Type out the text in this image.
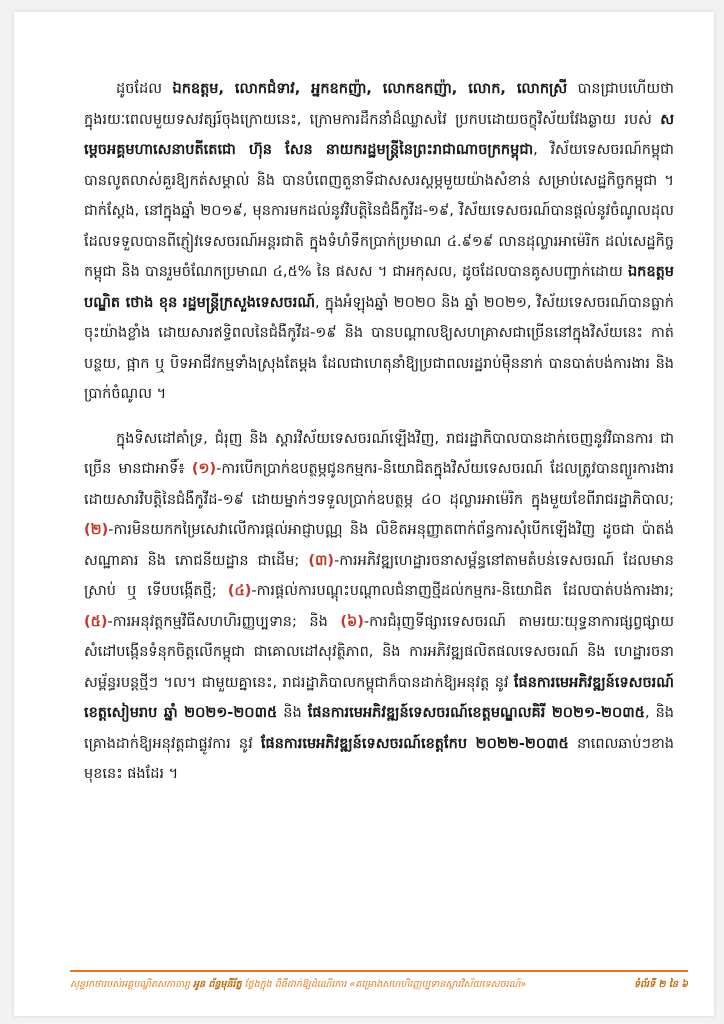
ដូចដែល ឯកឧត្តម, លោកជំទាវ, អ្នកឧកញ៉ា, លោកឧកញ៉ា, លោក, លោកស្រី បានជ្រាបហើយថា ក្នុងរយៈពេលមួយទសវត្សរ៍ចុងក្រោយនេះ, ក្រោមការដឹកនាំដ៏ឈ្លាសវៃ ប្រកបដោយចក្ខុវិស័យវែងឆ្ងាយ របស់ សម្តេចអគ្គមហាសេនាបតីតេជោ ហ៊ុន សែន នាយករដ្ឋមន្ត្រីនៃព្រះរាជាណាចក្រកម្ពុជា, វិស័យទេសចរណ៍កម្ពុជាបានលូតលាស់គួរឱ្យកត់សម្គាល់ និង បានបំពេញតួនាទីជាសសរស្តម្ភមួយយ៉ាងសំខាន់ សម្រាប់សេដ្ឋកិច្ចកម្ពុជា ។ ជាក់ស្តែង, នៅក្នុងឆ្នាំ ២០១៩, មុនការមកដល់នូវវិបត្តិនៃជំងឺកូវីដ-១៩, វិស័យទេសចរណ៍បានផ្តល់នូវចំណូលដុលដែលទទួលបានពីភ្ញៀវទេសចរណ៍អន្តរជាតិ ក្នុងទំហំទឹកប្រាក់ប្រមាណ ៤.៩១៩ លានដុល្លារអាម៉េរិក ដល់សេដ្ឋកិច្ចកម្ពុជា និង បានរួមចំណែកប្រមាណ ៤,៥% នៃ ផសស ។ ជាអកុសល, ដូចដែលបានគូសបញ្ជាក់ដោយ ឯកឧត្តមបណ្ឌិត ថោង ខុន រដ្ឋមន្ត្រីក្រសួងទេសចរណ៍, ក្នុងអំឡុងឆ្នាំ ២០២០ និង ឆ្នាំ ២០២១, វិស័យទេសចរណ៍បានធ្លាក់ចុះយ៉ាងខ្លាំង ដោយសារឥទ្ធិពលនៃជំងឺកូវីដ-១៩ និង បានបណ្តាលឱ្យសហគ្រាសជាច្រើននៅក្នុងវិស័យនេះ កាត់បន្ថយ, ផ្អាក ឬ បិទអាជីវកម្មទាំងស្រុងតែម្តង ដែលជាហេតុនាំឱ្យប្រជាពលរដ្ឋរាប់ម៉ឺននាក់ បានបាត់បង់ការងារ និង ប្រាក់ចំណូល ។

ក្នុងទិសដៅគាំទ្រ, ជំរុញ និង ស្តារវិស័យទេសចរណ៍ឡើងវិញ, រាជរដ្ឋាភិបាលបានដាក់ចេញនូវវិធានការ ជាច្រើន មានជាអាទិ៍៖ (១)-ការបើកប្រាក់ឧបត្ថម្ភជូនកម្មករ-និយោជិតក្នុងវិស័យទេសចរណ៍ ដែលត្រូវបានព្យួរការងារដោយសារវិបត្តិនៃជំងឺកូវីដ-១៩ ដោយម្នាក់ៗទទួលប្រាក់ឧបត្ថម្ភ ៤០ ដុល្លារអាម៉េរិក ក្នុងមួយខែពីរាជរដ្ឋាភិបាល; (២)-ការមិនយកកម្រៃសេវាលើការផ្តល់អាជ្ញាបណ្ណ និង លិខិតអនុញ្ញាតពាក់ព័ន្ធការសុំបើកឡើងវិញ ដូចជា ប៉ាតង់សណ្ឋាគារ និង ភោជនីយដ្ឋាន ជាដើម; (៣)-ការអភិវឌ្ឍហេដ្ឋារចនាសម្ព័ន្ធនៅតាមតំបន់ទេសចរណ៍ ដែលមានស្រាប់ ឬ ទើបបង្កើតថ្មី; (៤)-ការផ្តល់ការបណ្តុះបណ្តាលជំនាញថ្មីដល់កម្មករ-និយោជិត ដែលបាត់បង់ការងារ; (៥)-ការអនុវត្តកម្មវិធីសហហិរញ្ញប្បទាន; និង (៦)-ការជំរុញទីផ្សារទេសចរណ៍ តាមរយៈយុទ្ធនាការផ្សព្វផ្សាយ សំដៅបង្កើនទំនុកចិត្តលើកម្ពុជា ជាគោលដៅសុវត្ថិភាព, និង ការអភិវឌ្ឍផលិតផលទេសចរណ៍ និង ហេដ្ឋារចនាសម្ព័ន្ធរបន្តថ្មីៗ ។ល។ ជាមួយគ្នានេះ, រាជរដ្ឋាភិបាលកម្ពុជាក៏បានដាក់ឱ្យអនុវត្ត នូវ ផែនការមេអភិវឌ្ឍន៍ទេសចរណ៍ខេត្តសៀមរាប ឆ្នាំ ២០២១-២០៣៥ និង ផែនការមេអភិវឌ្ឍន៍ទេសចរណ៍ខេត្តមណ្ឌលគិរី ២០២១-២០៣៥, និង គ្រោងដាក់ឱ្យអនុវត្តជាផ្លូវការ នូវ ផែនការមេអភិវឌ្ឍន៍ទេសចរណ៍ខេត្តកែប ២០២២-២០៣៥ នាពេលឆាប់ៗខាងមុខនេះ ផងដែរ ។

សុន្ទរកថារបស់អគ្គបណ្ឌិតសភាចារ្យ អូន ព័ន្ធមុនីរ័ត្ន ថ្លែងក្នុង ពិធីដាក់ឱ្យដំណើរការ «គម្រោងសហហិរញ្ញប្បទានស្តារវិស័យទេសចរណ៍»	ទំព័រទី ២ នៃ ៦
